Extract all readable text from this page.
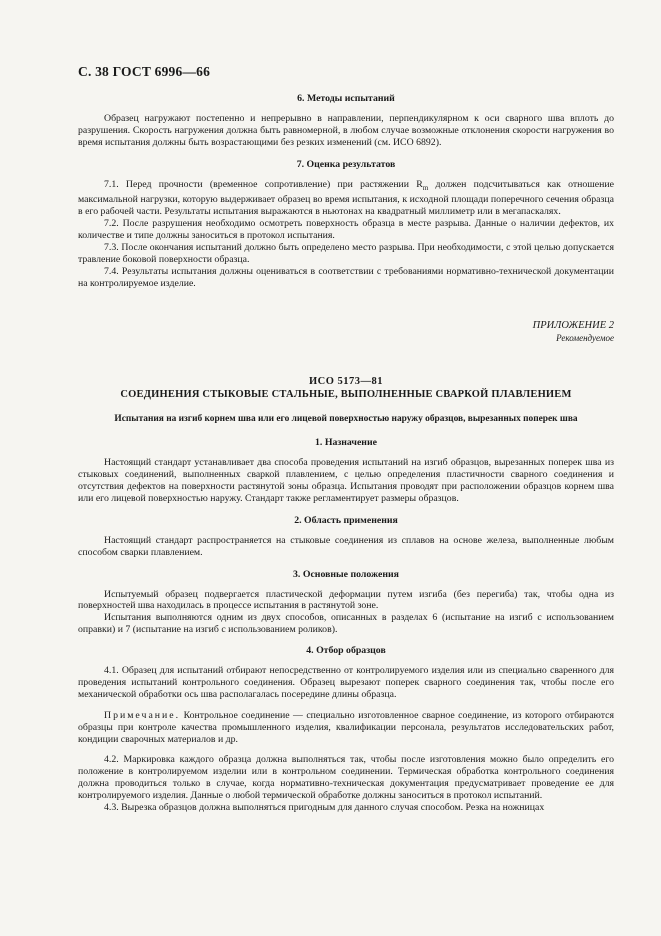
С. 38 ГОСТ 6996—66
6. Методы испытаний

Образец нагружают постепенно и непрерывно в направлении, перпендикулярном к оси сварного шва вплоть до разрушения. Скорость нагружения должна быть равномерной, в любом случае возможные отклонения скорости нагружения во время испытания должны быть возрастающими без резких изменений (см. ИСО 6892).

7. Оценка результатов

7.1. Перед прочности (временное сопротивление) при растяжении $R_m$ должен подсчитываться как отношение максимальной нагрузки, которую выдерживает образец во время испытания, к исходной площади поперечного сечения образца в его рабочей части. Результаты испытания выражаются в ньютонах на квадратный миллиметр или в мегапаскалях.

7.2. После разрушения необходимо осмотреть поверхность образца в месте разрыва. Данные о наличии дефектов, их количестве и типе должны заноситься в протокол испытания.

7.3. После окончания испытаний должно быть определено место разрыва. При необходимости, с этой целью допускается травление боковой поверхности образца.

7.4. Результаты испытания должны оцениваться в соответствии с требованиями нормативно-технической документации на контролируемое изделие.

ПРИЛОЖЕНИЕ 2
Рекомендуемое
ИСО 5173—81
СОЕДИНЕНИЯ СТЫКОВЫЕ СТАЛЬНЫЕ, ВЫПОЛНЕННЫЕ СВАРКОЙ ПЛАВЛЕНИЕМ
Испытания на изгиб корнем шва или его лицевой поверхностью наружу образцов, вырезанных поперек шва
1. Назначение

Настоящий стандарт устанавливает два способа проведения испытаний на изгиб образцов, вырезанных поперек шва из стыковых соединений, выполненных сваркой плавлением, с целью определения пластичности сварного соединения и отсутствия дефектов на поверхности растянутой зоны образца. Испытания проводят при расположении образцов корнем шва или его лицевой поверхностью наружу. Стандарт также регламентирует размеры образцов.

2. Область применения

Настоящий стандарт распространяется на стыковые соединения из сплавов на основе железа, выполненные любым способом сварки плавлением.

3. Основные положения

Испытуемый образец подвергается пластической деформации путем изгиба (без перегиба) так, чтобы одна из поверхностей шва находилась в процессе испытания в растянутой зоне.

Испытания выполняются одним из двух способов, описанных в разделах 6 (испытание на изгиб с использованием оправки) и 7 (испытание на изгиб с использованием роликов).

4. Отбор образцов

4.1. Образец для испытаний отбирают непосредственно от контролируемого изделия или из специально сваренного для проведения испытаний контрольного соединения. Образец вырезают поперек сварного соединения так, чтобы после его механической обработки ось шва располагалась посередине длины образца.

Примечание. Контрольное соединение — специально изготовленное сварное соединение, из которого отбираются образцы при контроле качества промышленного изделия, квалификации персонала, результатов исследовательских работ, кондиции сварочных материалов и др.

4.2. Маркировка каждого образца должна выполняться так, чтобы после изготовления можно было определить его положение в контролируемом изделии или в контрольном соединении. Термическая обработка контрольного соединения должна проводиться только в случае, когда нормативно-техническая документация предусматривает проведение ее для контролируемого изделия. Данные о любой термической обработке должны заноситься в протокол испытаний.

4.3. Вырезка образцов должна выполняться пригодным для данного случая способом. Резка на ножницах
